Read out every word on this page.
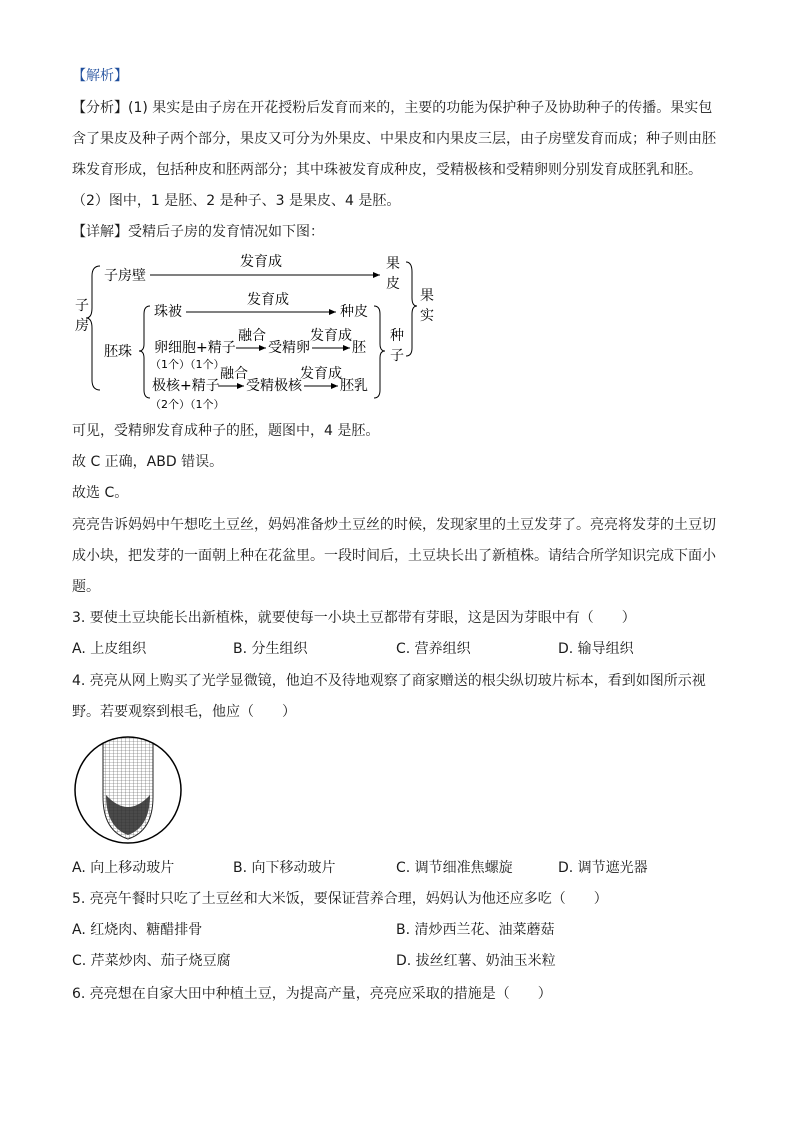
【解析】
【分析】(1) 果实是由子房在开花授粉后发育而来的，主要的功能为保护种子及协助种子的传播。果实包
含了果皮及种子两个部分，果皮又可分为外果皮、中果皮和内果皮三层，由子房壁发育而成；种子则由胚
珠发育形成，包括种皮和胚两部分；其中珠被发育成种皮，受精极核和受精卵则分别发育成胚乳和胚。
（2）图中，1 是胚、2 是种子、3 是果皮、4 是胚。
【详解】受精后子房的发育情况如下图：
子
房
子房壁
发育成	果
皮
胚珠
珠被
发育成
种皮
卵细胞+精子
（1个）（1个）
融合
受精卵
发育成
胚
极核+精子
（2个）（1个）
融合
受精极核
发育成
胚乳
种
子
果
实
可见，受精卵发育成种子的胚，题图中，4 是胚。
故 C 正确，ABD 错误。
故选 C。
亮亮告诉妈妈中午想吃土豆丝，妈妈准备炒土豆丝的时候，发现家里的土豆发芽了。亮亮将发芽的土豆切
成小块，把发芽的一面朝上种在花盆里。一段时间后，土豆块长出了新植株。请结合所学知识完成下面小
题。
3. 要使土豆块能长出新植株，就要使每一小块土豆都带有芽眼，这是因为芽眼中有（　　）
A. 上皮组织	B. 分生组织	C. 营养组织	D. 输导组织
4. 亮亮从网上购买了光学显微镜，他迫不及待地观察了商家赠送的根尖纵切玻片标本，看到如图所示视
野。若要观察到根毛，他应（　　）
A. 向上移动玻片	B. 向下移动玻片	C. 调节细准焦螺旋	D. 调节遮光器
5. 亮亮午餐时只吃了土豆丝和大米饭，要保证营养合理，妈妈认为他还应多吃（　　）
A. 红烧肉、糖醋排骨	B. 清炒西兰花、油菜蘑菇
C. 芹菜炒肉、茄子烧豆腐	D. 拔丝红薯、奶油玉米粒
6. 亮亮想在自家大田中种植土豆，为提高产量，亮亮应采取的措施是（　　）
